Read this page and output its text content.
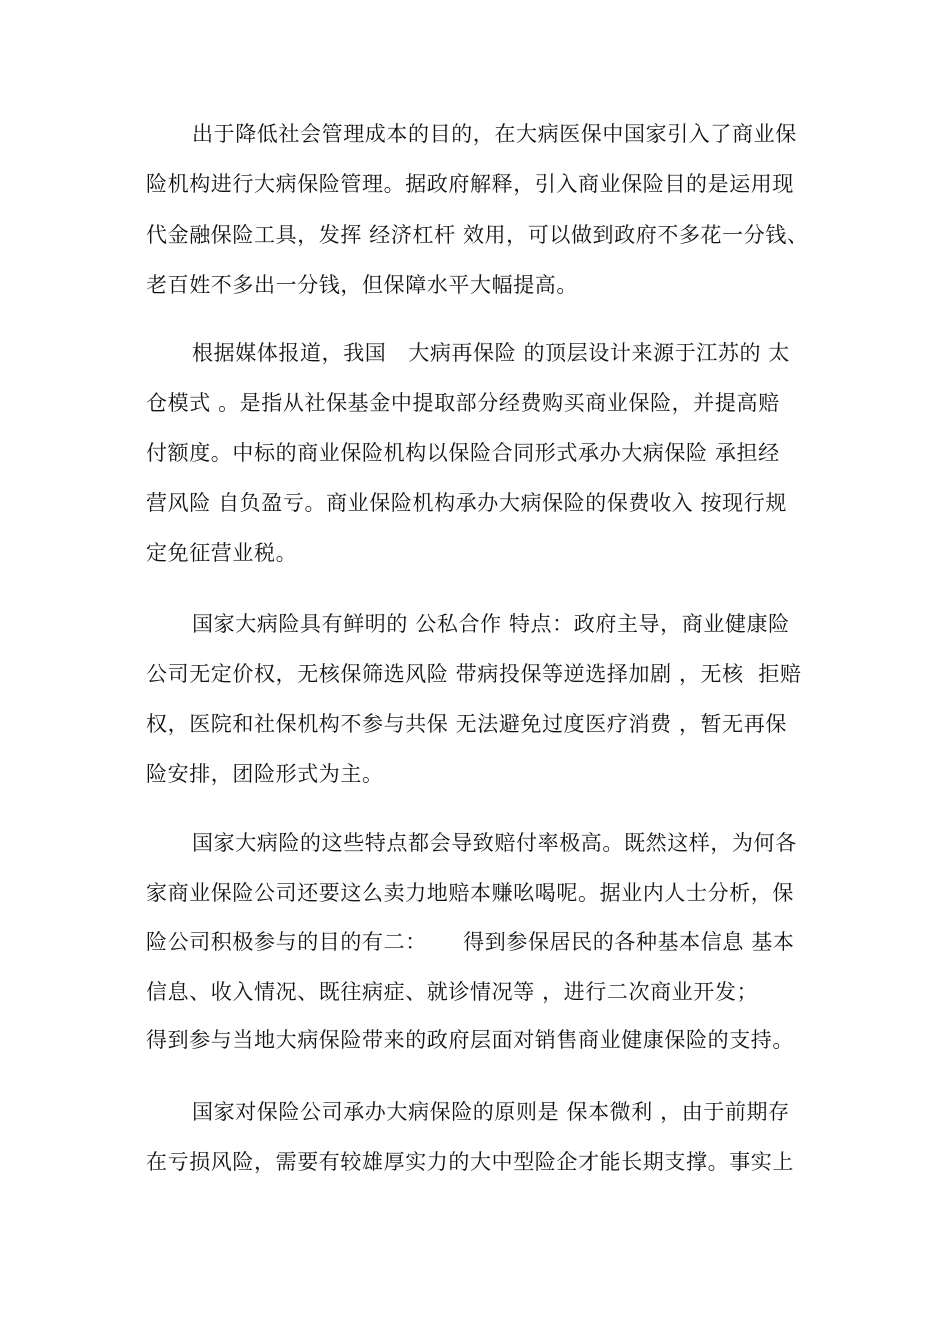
出于降低社会管理成本的目的，在大病医保中国家引入了商业保
险机构进行大病保险管理。据政府解释，引入商业保险目的是运用现
代金融保险工具，发挥 经济杠杆 效用，可以做到政府不多花一分钱、
老百姓不多出一分钱，但保障水平大幅提高。
根据媒体报道，我国   大病再保险 的顶层设计来源于江苏的 太
仓模式 。是指从社保基金中提取部分经费购买商业保险，并提高赔
付额度。中标的商业保险机构以保险合同形式承办大病保险 承担经
营风险 自负盈亏。商业保险机构承办大病保险的保费收入 按现行规
定免征营业税。
国家大病险具有鲜明的 公私合作 特点：政府主导，商业健康险
公司无定价权，无核保筛选风险 带病投保等逆选择加剧 ，无核  拒赔
权，医院和社保机构不参与共保 无法避免过度医疗消费 ，暂无再保
险安排，团险形式为主。
国家大病险的这些特点都会导致赔付率极高。既然这样，为何各
家商业保险公司还要这么卖力地赔本赚吆喝呢。据业内人士分析，保
险公司积极参与的目的有二：     得到参保居民的各种基本信息 基本
信息、收入情况、既往病症、就诊情况等 ，进行二次商业开发；
得到参与当地大病保险带来的政府层面对销售商业健康保险的支持。
国家对保险公司承办大病保险的原则是 保本微利 ，由于前期存
在亏损风险，需要有较雄厚实力的大中型险企才能长期支撑。事实上
